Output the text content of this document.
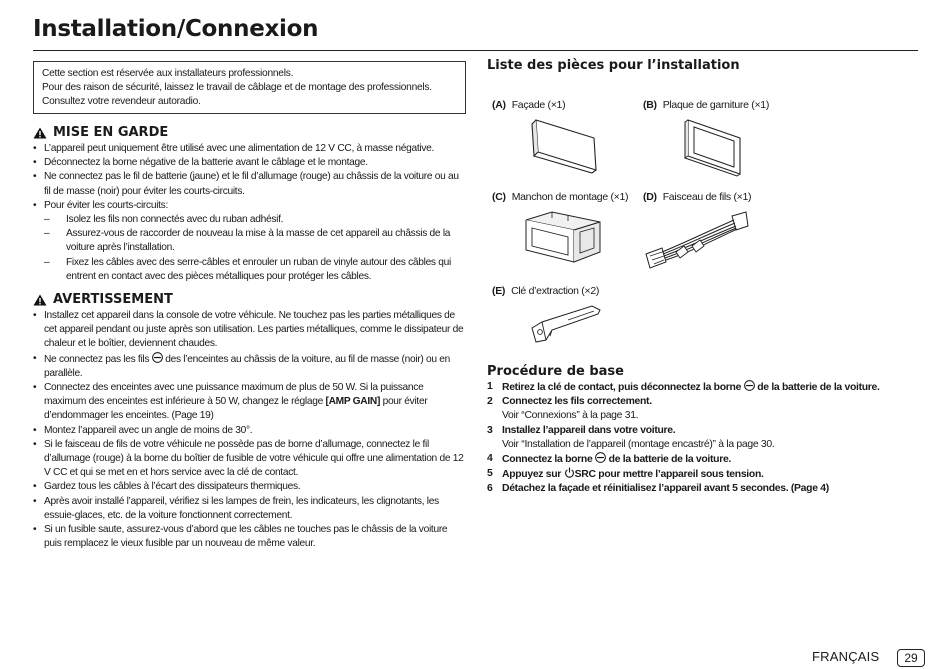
Installation/Connexion

Cette section est réservée aux installateurs professionnels.

Pour des raison de sécurité, laissez le travail de câblage et de montage des professionnels. Consultez votre revendeur autoradio.

MISE EN GARDE
• L’appareil peut uniquement être utilisé avec une alimentation de 12 V CC, à masse négative.
• Déconnectez la borne négative de la batterie avant le câblage et le montage.
• Ne connectez pas le fil de batterie (jaune) et le fil d’allumage (rouge) au châssis de la voiture ou au fil de masse (noir) pour éviter les courts-circuits.
• Pour éviter les courts-circuits:
– Isolez les fils non connectés avec du ruban adhésif.
– Assurez-vous de raccorder de nouveau la mise à la masse de cet appareil au châssis de la voiture après l’installation.
– Fixez les câbles avec des serre-câbles et enrouler un ruban de vinyle autour des câbles qui entrent en contact avec des pièces métalliques pour protéger les câbles.
AVERTISSEMENT
• Installez cet appareil dans la console de votre véhicule. Ne touchez pas les parties métalliques de cet appareil pendant ou juste après son utilisation. Les parties métalliques, comme le dissipateur de chaleur et le boîtier, deviennent chaudes.
• Ne connectez pas les fils des l’enceintes au châssis de la voiture, au fil de masse (noir) ou en parallèle.
• Connectez des enceintes avec une puissance maximum de plus de 50 W. Si la puissance maximum des enceintes est inférieure à 50 W, changez le réglage [AMP GAIN] pour éviter d’endommager les enceintes. (Page 19)
• Montez l’appareil avec un angle de moins de 30°.
• Si le faisceau de fils de votre véhicule ne possède pas de borne d’allumage, connectez le fil d’allumage (rouge) à la borne du boîtier de fusible de votre véhicule qui offre une alimentation de 12 V CC et qui se met en et hors service avec la clé de contact.
• Gardez tous les câbles à l’écart des dissipateurs thermiques.
• Après avoir installé l’appareil, vérifiez si les lampes de frein, les indicateurs, les clignotants, les essuie-glaces, etc. de la voiture fonctionnent correctement.
• Si un fusible saute, assurez-vous d’abord que les câbles ne touches pas le châssis de la voiture puis remplacez le vieux fusible par un nouveau de même valeur.
Liste des pièces pour l’installation
(A) Façade (×1)	(B) Plaque de garniture (×1)
(C) Manchon de montage (×1) (D) Faisceau de fils (×1)
(E) Clé d’extraction (×2)
Procédure de base
1 Retirez la clé de contact, puis déconnectez la borne de la batterie de la voiture.
2 Connectez les fils correctement.
Voir “Connexions” à la page 31.
3 Installez l’appareil dans votre voiture.
Voir “Installation de l’appareil (montage encastré)” à la page 30.
4 Connectez la borne de la batterie de la voiture.
5 Appuyez sur SRC pour mettre l’appareil sous tension.
6 Détachez la façade et réinitialisez l’appareil avant 5 secondes. (Page 4)
FRANÇAIS	29
